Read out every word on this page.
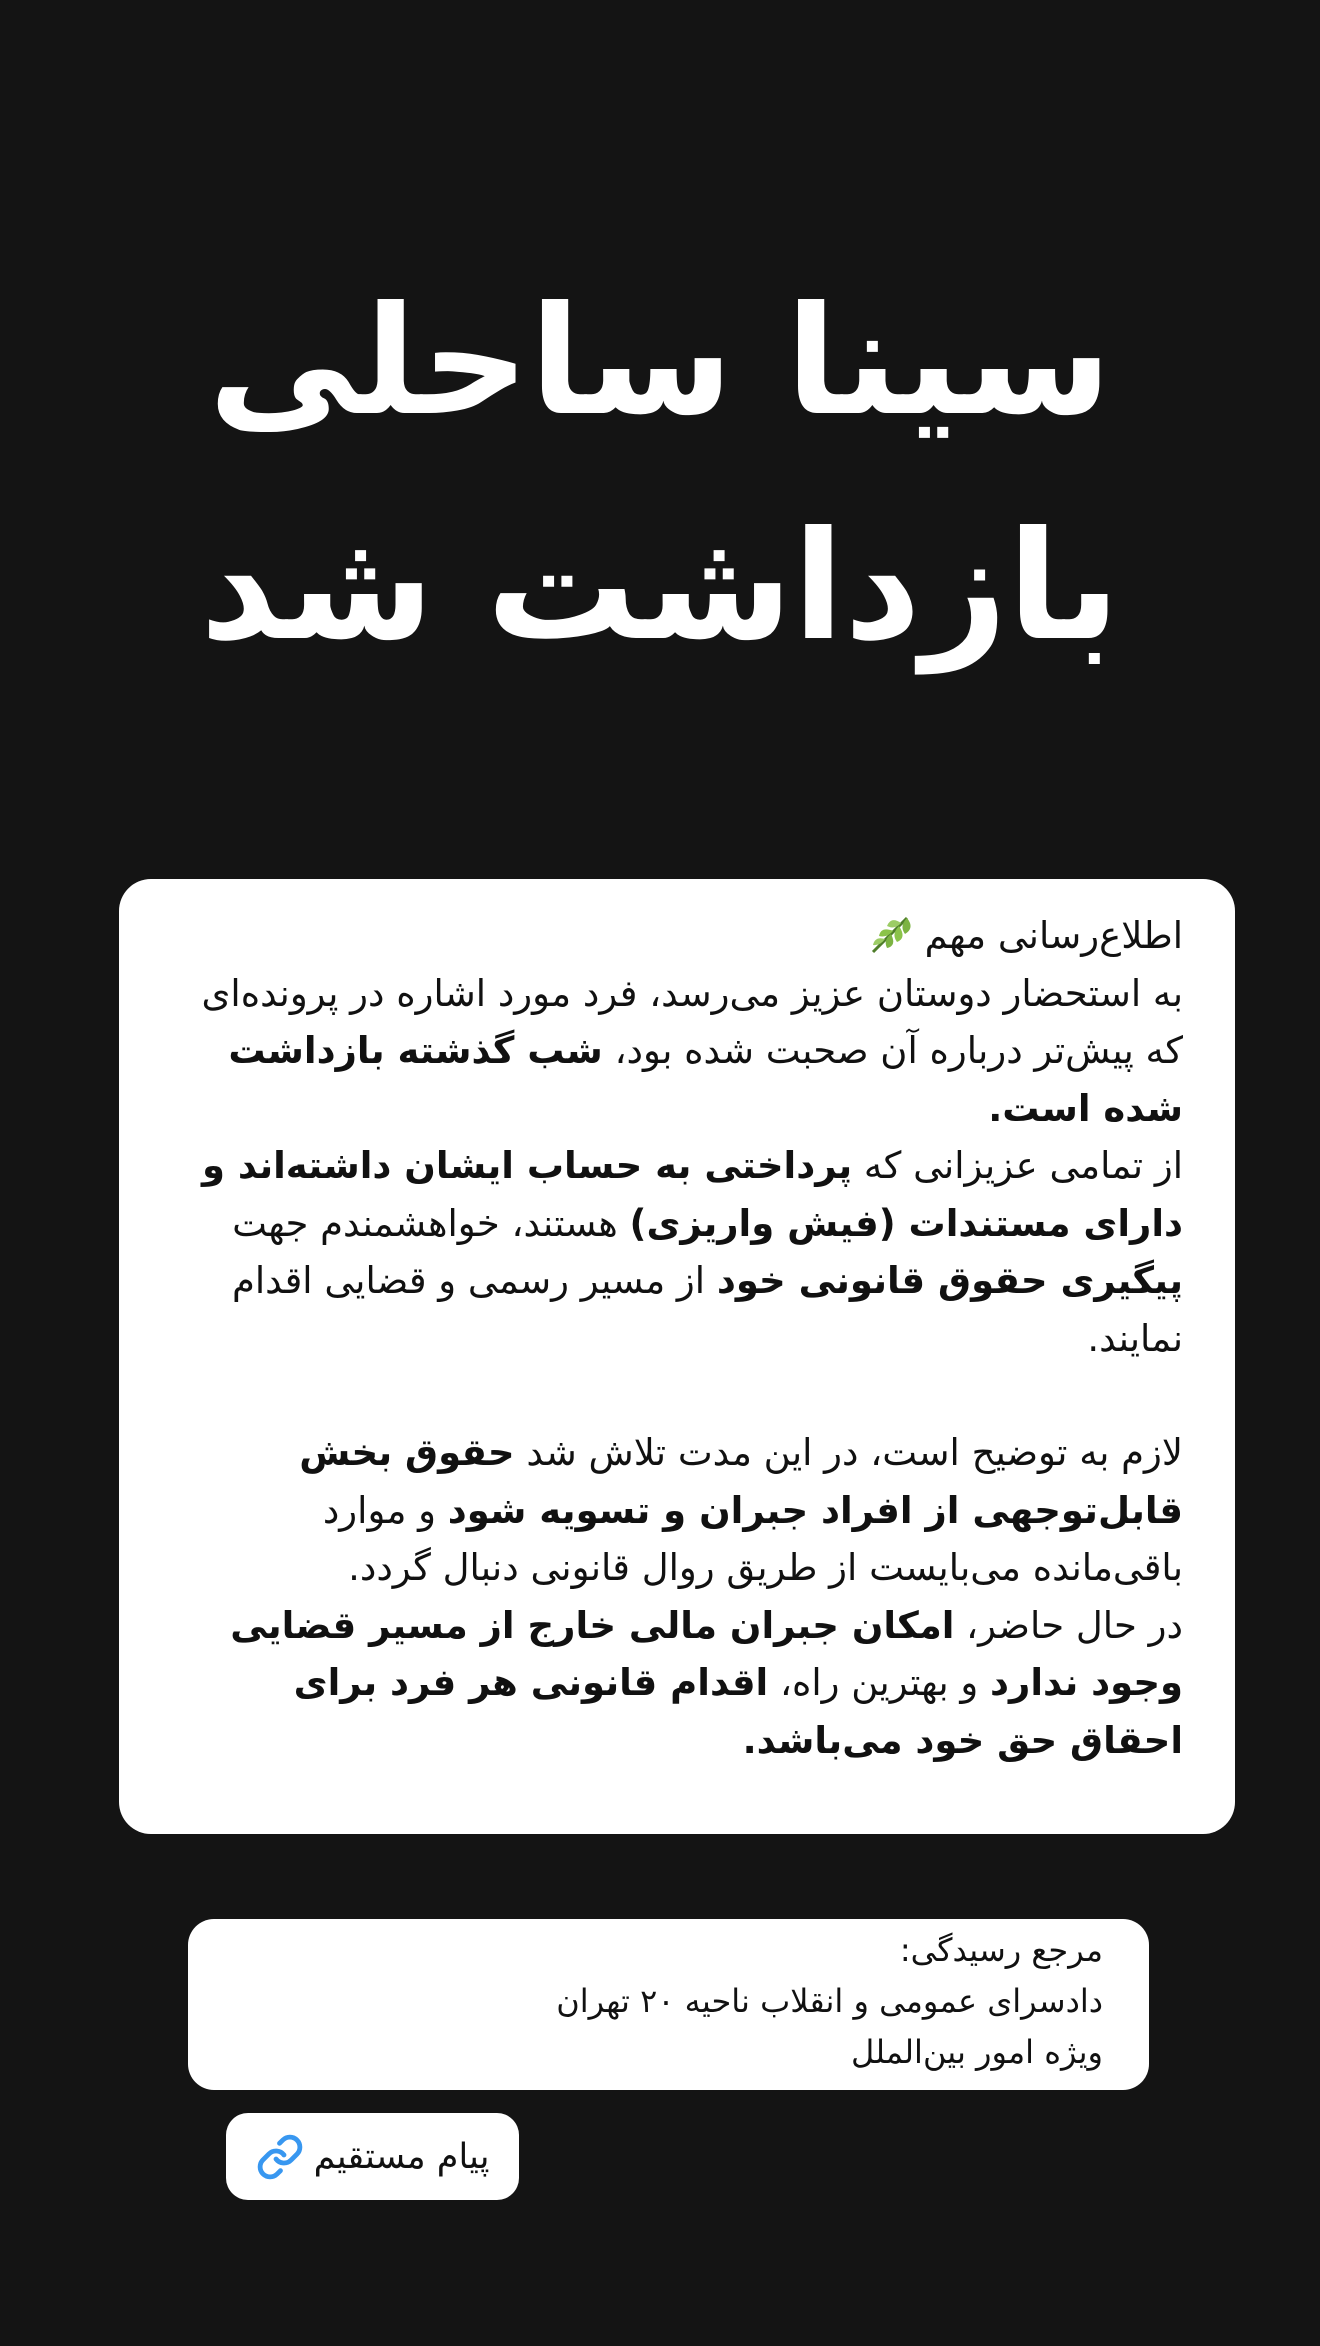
سینا ساحلی
بازداشت شد

اطلاع‌رسانی مهم

به استحضار دوستان عزیز می‌رسد، فرد مورد اشاره در پرونده‌ای که پیش‌تر درباره آن صحبت شده بود، شب گذشته بازداشت شده است.

از تمامی عزیزانی که پرداختی به حساب ایشان داشته‌اند و دارای مستندات (فیش واریزی) هستند، خواهشمندم جهت پیگیری حقوق قانونی خود از مسیر رسمی و قضایی اقدام نمایند.

لازم به توضیح است، در این مدت تلاش شد حقوق بخش قابل‌توجهی از افراد جبران و تسویه شود و موارد باقی‌مانده می‌بایست از طریق روال قانونی دنبال گردد.

در حال حاضر، امکان جبران مالی خارج از مسیر قضایی وجود ندارد و بهترین راه، اقدام قانونی هر فرد برای احقاق حق خود می‌باشد.

مرجع رسیدگی:
دادسرای عمومی و انقلاب ناحیه ۲۰ تهران
ویژه امور بین‌الملل
پیام مستقیم
